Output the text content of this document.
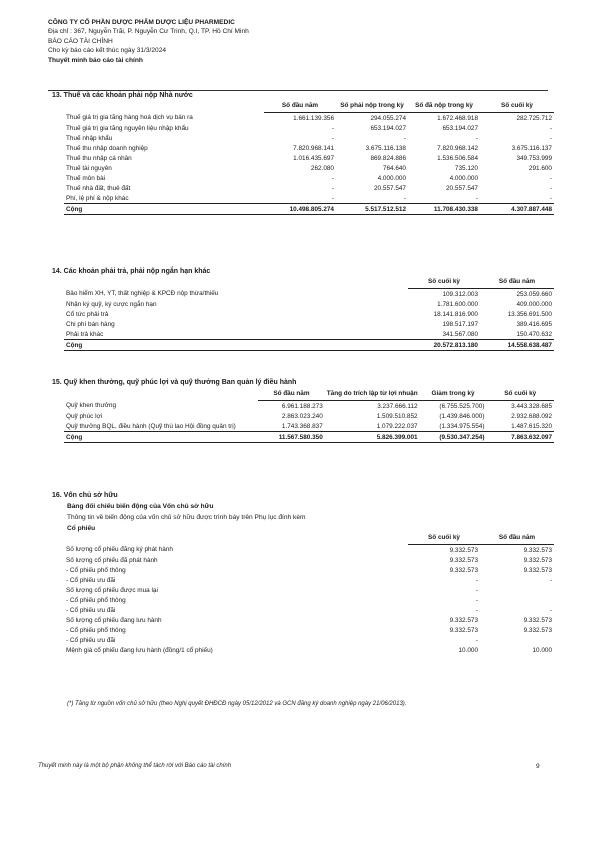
CÔNG TY CỔ PHẦN DƯỢC PHẨM DƯỢC LIỆU PHARMEDIC
Địa chỉ : 367, Nguyễn Trãi, P. Nguyễn Cư Trinh, Q.I, TP. Hồ Chí Minh
BÁO CÁO TÀI CHÍNH
Cho kỳ báo cáo kết thúc ngày 31/3/2024
Thuyết minh báo cáo tài chính
13. Thuế và các khoản phải nộp Nhà nước
	Số đầu năm	Số phải nộp trong kỳ	Số đã nộp trong kỳ	Số cuối kỳ
Thuế giá trị gia tăng hàng hoá dịch vụ bán ra	1.661.139.356	294.055.274	1.672.468.918	282.725.712
Thuế giá trị gia tăng nguyên liệu nhập khẩu	-	653.194.027	653.194.027	-
Thuế nhập khẩu	-	-	-	-
Thuế thu nhập doanh nghiệp	7.820.968.141	3.675.116.138	7.820.968.142	3.675.116.137
Thuế thu nhập cá nhân	1.016.435.697	869.824.886	1.536.506.584	349.753.999
Thuế tài nguyên	262.080	764.640	735.120	291.600
Thuế môn bài	-	4.000.000	4.000.000	-
Thuế nhà đất, thuê đất	-	20.557.547	20.557.547	-
Phí, lệ phí & nộp khác	-	-	-	-
Cộng	10.498.805.274	5.517.512.512	11.708.430.338	4.307.887.448
14. Các khoản phải trả, phải nộp ngắn hạn khác
	Số cuối kỳ	Số đầu năm
Bảo hiểm XH, YT, thất nghiệp & KPCĐ nộp thừa/thiếu	109.312.003	253.059.660
Nhận ký quỹ, ký cược ngắn hạn	1.781.600.000	409.000.000
Cổ tức phải trả	18.141.816.900	13.356.691.500
Chi phí bán hàng	198.517.197	389.416.695
Phải trả khác	341.567.080	150.470.632
Cộng	20.572.813.180	14.558.638.487
15. Quỹ khen thưởng, quỹ phúc lợi và quỹ thưởng Ban quản lý điều hành
	Số đầu năm	Tăng do trích lập từ lợi nhuận	Giảm trong kỳ	Số cuối kỳ
Quỹ khen thưởng	6.961.188.273	3.237.666.112	(6.755.525.700)	3.443.328.685
Quỹ phúc lợi	2.863.023.240	1.509.510.852	(1.439.846.000)	2.932.688.092
Quỹ thưởng BQL, điều hành (Quỹ thù lao Hội đồng quản trị)	1.743.368.837	1.079.222.037	(1.334.975.554)	1.487.615.320
Cộng	11.567.580.350	5.826.399.001	(9.530.347.254)	7.863.632.097
16. Vốn chủ sở hữu
Bảng đối chiếu biến động của Vốn chủ sở hữu
Thông tin về biến động của vốn chủ sở hữu được trình bày trên Phụ lục đính kèm
Cổ phiếu
	Số cuối kỳ	Số đầu năm
Số lượng cổ phiếu đăng ký phát hành	9.332.573	9.332.573
Số lượng cổ phiếu đã phát hành	9.332.573	9.332.573
- Cổ phiếu phổ thông	9.332.573	9.332.573
- Cổ phiếu ưu đãi	-	-
Số lượng cổ phiếu được mua lại	-	
- Cổ phiếu phổ thông	-	
- Cổ phiếu ưu đãi	-	-
Số lượng cổ phiếu đang lưu hành	9.332.573	9.332.573
- Cổ phiếu phổ thông	9.332.573	9.332.573
- Cổ phiếu ưu đãi	-	
Mệnh giá cổ phiếu đang lưu hành (đồng/1 cổ phiếu)	10.000	10.000
(*) Tăng từ nguồn vốn chủ sở hữu (theo Nghị quyết ĐHĐCĐ ngày 05/12/2012 và GCN đăng ký doanh nghiệp ngày 21/06/2013).
Thuyết minh này là một bộ phận không thể tách rời với Báo cáo tài chính	9
